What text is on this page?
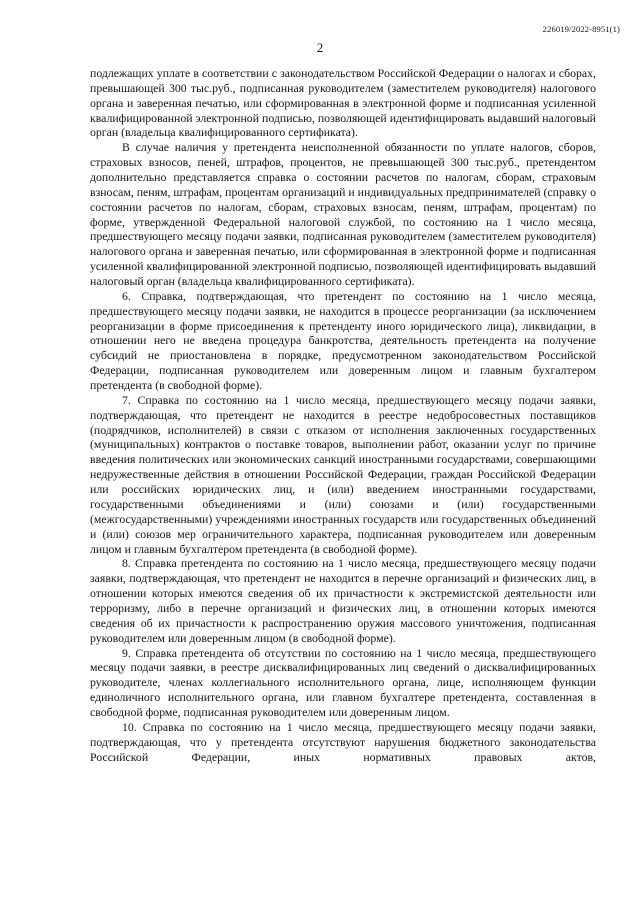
226019/2022-8951(1)
2

подлежащих уплате в соответствии с законодательством Российской Федерации о налогах и сборах, превышающей 300 тыс.руб., подписанная руководителем (заместителем руководителя) налогового органа и заверенная печатью, или сформированная в электронной форме и подписанная усиленной квалифицированной электронной подписью, позволяющей идентифицировать выдавший налоговый орган (владельца квалифицированного сертификата).

В случае наличия у претендента неисполненной обязанности по уплате налогов, сборов, страховых взносов, пеней, штрафов, процентов, не превышающей 300 тыс.руб., претендентом дополнительно представляется справка о состоянии расчетов по налогам, сборам, страховым взносам, пеням, штрафам, процентам организаций и индивидуальных предпринимателей (справку о состоянии расчетов по налогам, сборам, страховых взносам, пеням, штрафам, процентам) по форме, утвержденной Федеральной налоговой службой, по состоянию на 1 число месяца, предшествующего месяцу подачи заявки, подписанная руководителем (заместителем руководителя) налогового органа и заверенная печатью, или сформированная в электронной форме и подписанная усиленной квалифицированной электронной подписью, позволяющей идентифицировать выдавший налоговый орган (владельца квалифицированного сертификата).

6. Справка, подтверждающая, что претендент по состоянию на 1 число месяца, предшествующего месяцу подачи заявки, не находится в процессе реорганизации (за исключением реорганизации в форме присоединения к претенденту иного юридического лица), ликвидации, в отношении него не введена процедура банкротства, деятельность претендента на получение субсидий не приостановлена в порядке, предусмотренном законодательством Российской Федерации, подписанная руководителем или доверенным лицом и главным бухгалтером претендента (в свободной форме).

7. Справка по состоянию на 1 число месяца, предшествующего месяцу подачи заявки, подтверждающая, что претендент не находится в реестре недобросовестных поставщиков (подрядчиков, исполнителей) в связи с отказом от исполнения заключенных государственных (муниципальных) контрактов о поставке товаров, выполнении работ, оказании услуг по причине введения политических или экономических санкций иностранными государствами, совершающими недружественные действия в отношении Российской Федерации, граждан Российской Федерации или российских юридических лиц, и (или) введением иностранными государствами, государственными объединениями и (или) союзами и (или) государственными (межгосударственными) учреждениями иностранных государств или государственных объединений и (или) союзов мер ограничительного характера, подписанная руководителем или доверенным лицом и главным бухгалтером претендента (в свободной форме).

8. Справка претендента по состоянию на 1 число месяца, предшествующего месяцу подачи заявки, подтверждающая, что претендент не находится в перечне организаций и физических лиц, в отношении которых имеются сведения об их причастности к экстремистской деятельности или терроризму, либо в перечне организаций и физических лиц, в отношении которых имеются сведения об их причастности к распространению оружия массового уничтожения, подписанная руководителем или доверенным лицом (в свободной форме).

9. Справка претендента об отсутствии по состоянию на 1 число месяца, предшествующего месяцу подачи заявки, в реестре дисквалифицированных лиц сведений о дисквалифицированных руководителе, членах коллегиального исполнительного органа, лице, исполняющем функции единоличного исполнительного органа, или главном бухгалтере претендента, составленная в свободной форме, подписанная руководителем или доверенным лицом.

10. Справка по состоянию на 1 число месяца, предшествующего месяцу подачи заявки, подтверждающая, что у претендента отсутствуют нарушения бюджетного законодательства Российской Федерации, иных нормативных правовых актов,
